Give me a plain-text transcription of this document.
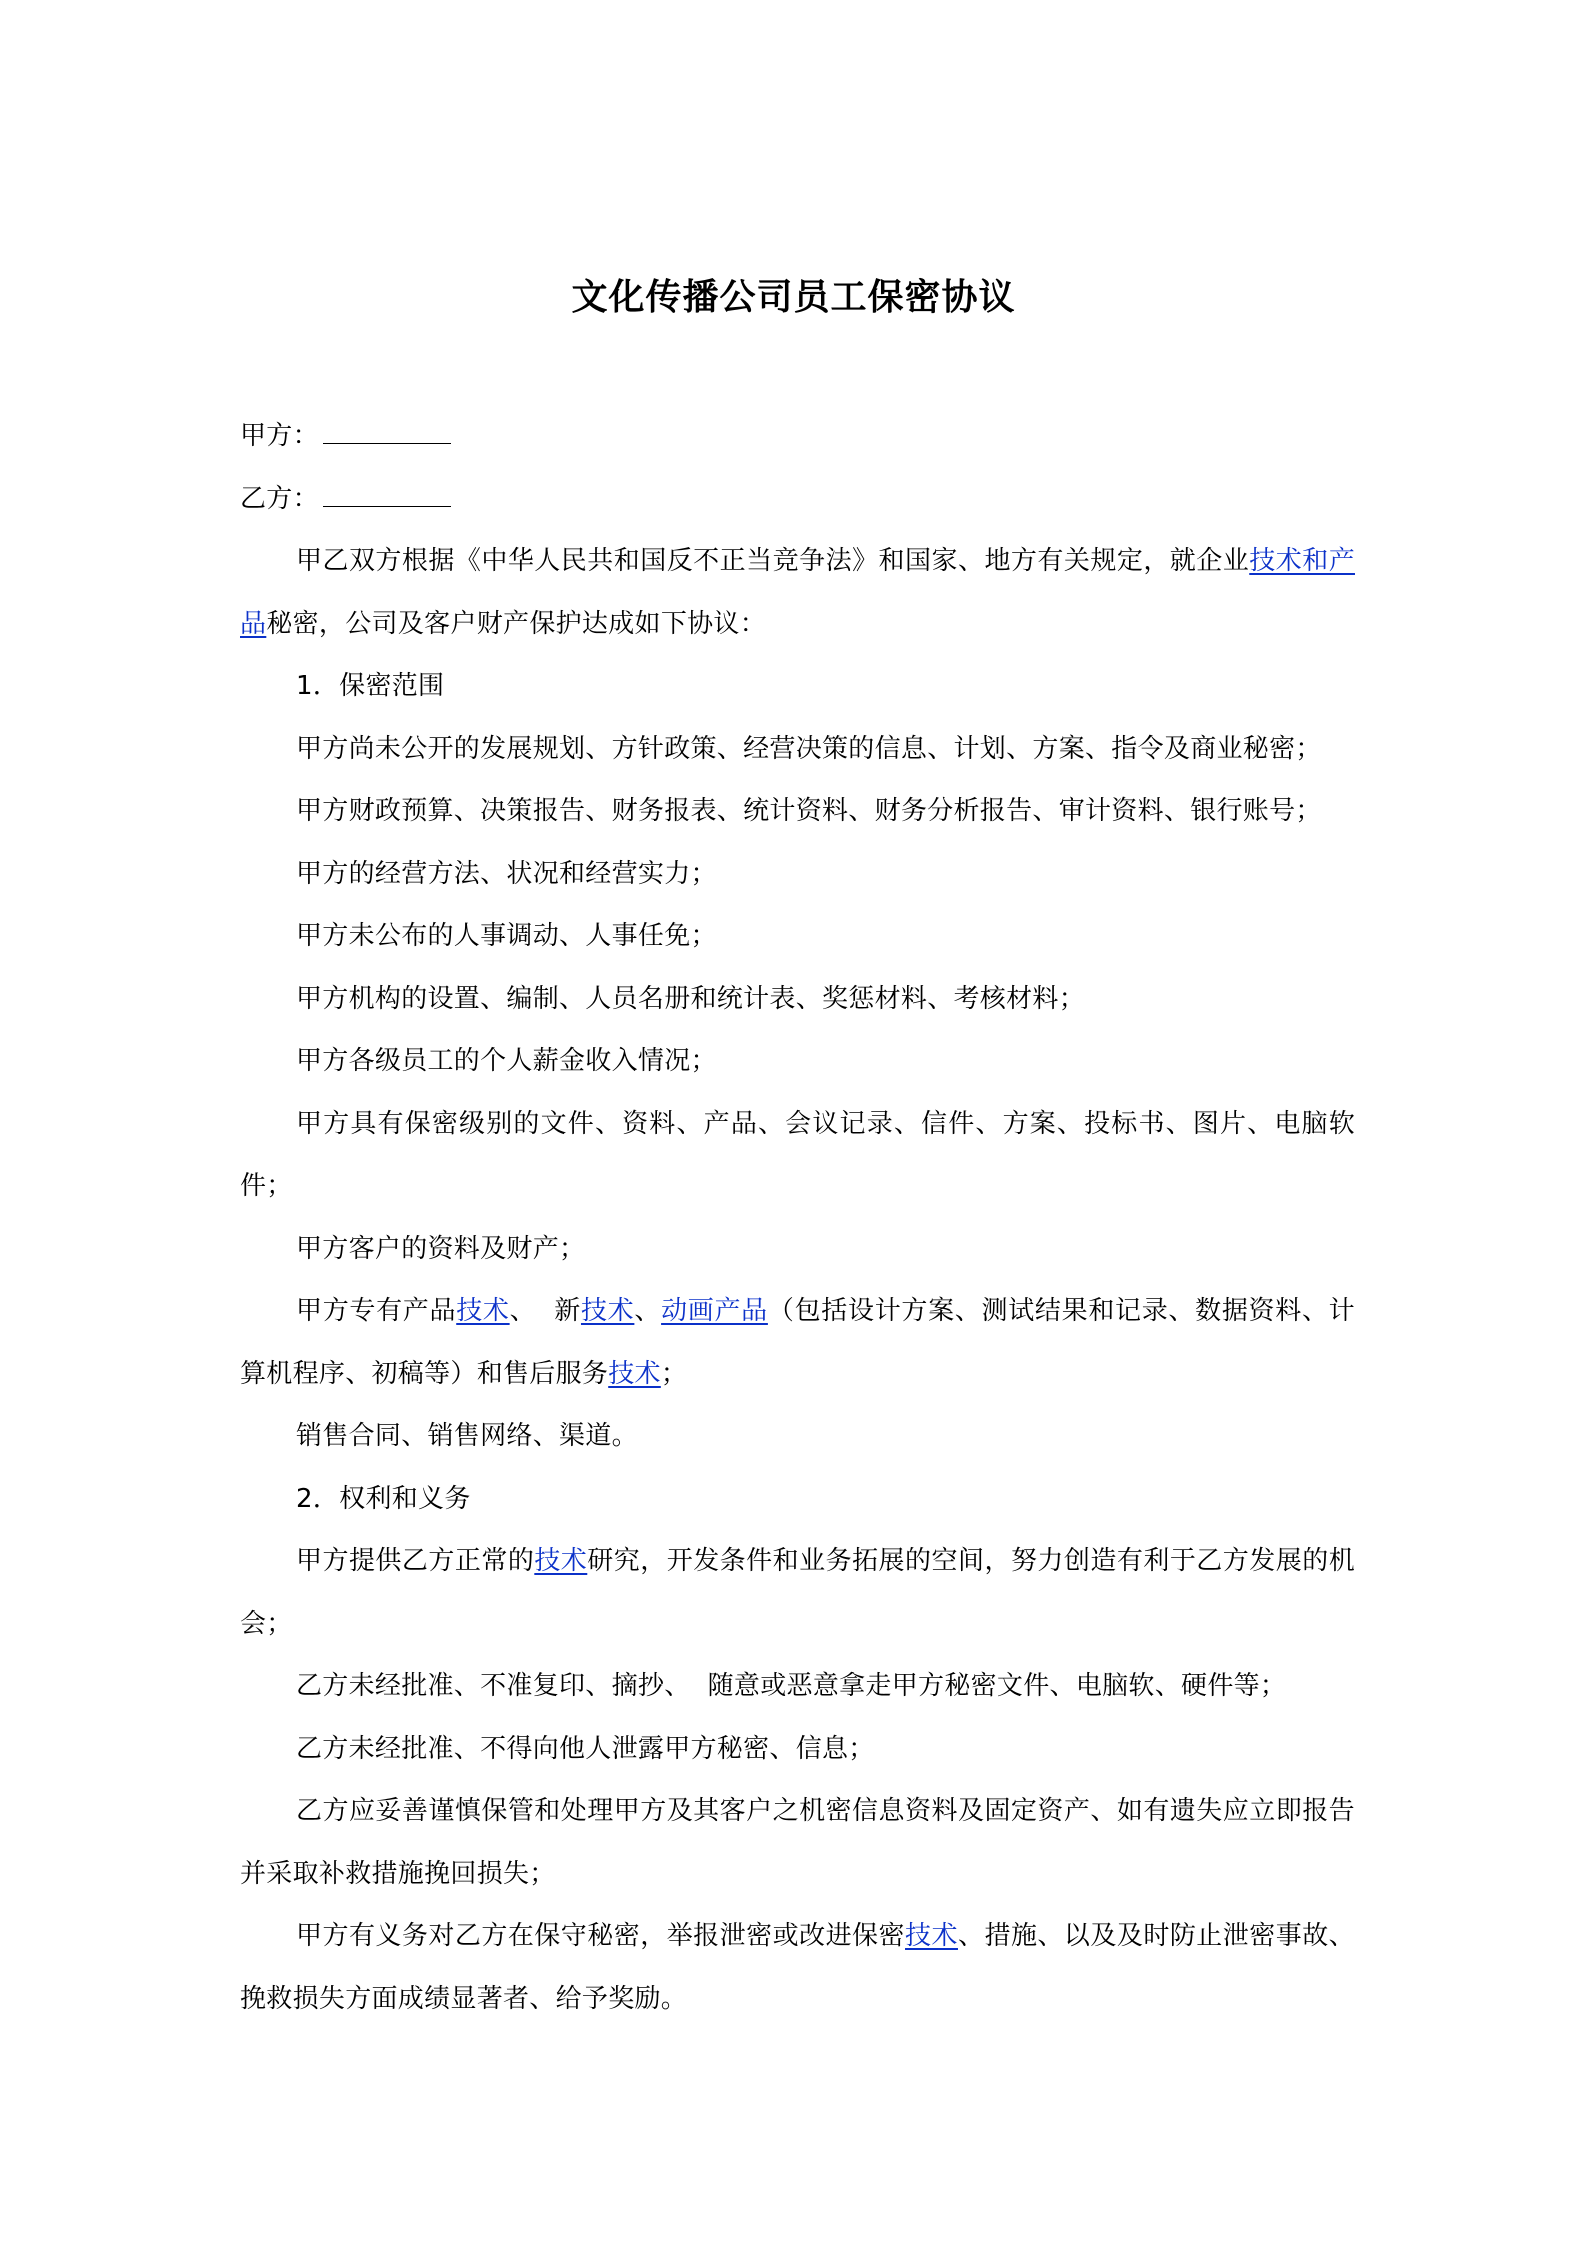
文化传播公司员工保密协议

甲方：

乙方：

甲乙双方根据《中华人民共和国反不正当竞争法》和国家、地方有关规定，就企业技术和产品秘密，公司及客户财产保护达成如下协议：

1．保密范围

甲方尚未公开的发展规划、方针政策、经营决策的信息、计划、方案、指令及商业秘密；

甲方财政预算、决策报告、财务报表、统计资料、财务分析报告、审计资料、银行账号；

甲方的经营方法、状况和经营实力；

甲方未公布的人事调动、人事任免；

甲方机构的设置、编制、人员名册和统计表、奖惩材料、考核材料；

甲方各级员工的个人薪金收入情况；

甲方具有保密级别的文件、资料、产品、会议记录、信件、方案、投标书、图片、电脑软件；

甲方客户的资料及财产；

甲方专有产品技术、  新技术、动画产品（包括设计方案、测试结果和记录、数据资料、计算机程序、初稿等）和售后服务技术；

销售合同、销售网络、渠道。

2．权利和义务

甲方提供乙方正常的技术研究，开发条件和业务拓展的空间，努力创造有利于乙方发展的机会；

乙方未经批准、不准复印、摘抄、  随意或恶意拿走甲方秘密文件、电脑软、硬件等；

乙方未经批准、不得向他人泄露甲方秘密、信息；

乙方应妥善谨慎保管和处理甲方及其客户之机密信息资料及固定资产、如有遗失应立即报告并采取补救措施挽回损失；

甲方有义务对乙方在保守秘密，举报泄密或改进保密技术、措施、以及及时防止泄密事故、挽救损失方面成绩显著者、给予奖励。
